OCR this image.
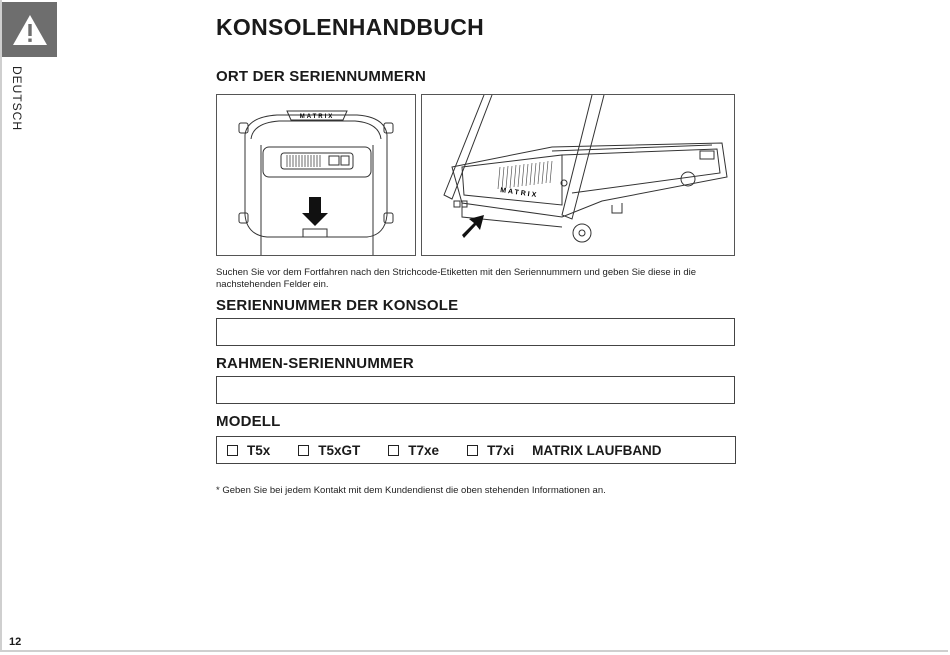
DEUTSCH
KONSOLENHANDBUCH
ORT DER SERIENNUMMERN
MATRIX
MATRIX
Suchen Sie vor dem Fortfahren nach den Strichcode-Etiketten mit den Seriennummern und geben Sie diese in die nachstehenden Felder ein.
SERIENNUMMER DER KONSOLE
RAHMEN-SERIENNUMMER
MODELL
T5x	T5xGT	T7xe	T7xi MATRIX LAUFBAND
* Geben Sie bei jedem Kontakt mit dem Kundendienst die oben stehenden Informationen an.
12
